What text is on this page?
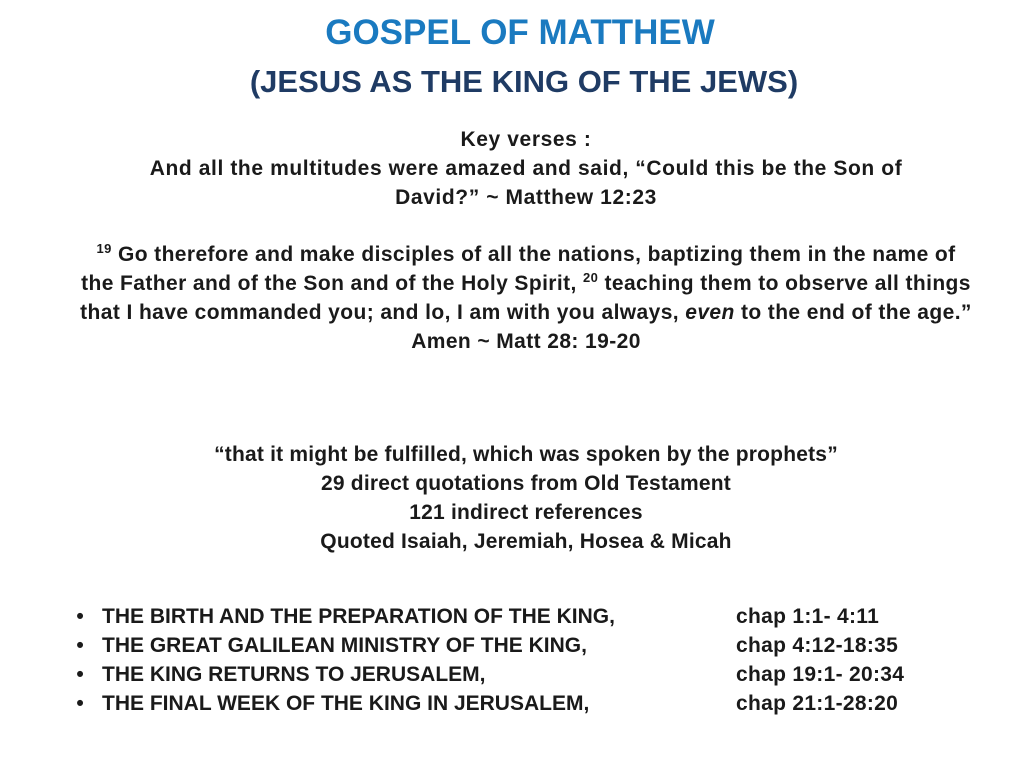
GOSPEL OF MATTHEW
(JESUS AS THE KING OF THE JEWS)
Key verses :
And all the multitudes were amazed and said, “Could this be the Son of
David?” ~ Matthew 12:23
$^{19}$ Go therefore and make disciples of all the nations, baptizing them in the name of the Father and of the Son and of the Holy Spirit, $^{20}$ teaching them to observe all things that I have commanded you; and lo, I am with you always, even to the end of the age.” Amen ~ Matt 28: 19-20
“that it might be fulfilled, which was spoken by the prophets”
29 direct quotations from Old Testament
121 indirect references
Quoted Isaiah, Jeremiah, Hosea & Micah
• THE BIRTH AND THE PREPARATION OF THE KING,	chap 1:1- 4:11
• THE GREAT GALILEAN MINISTRY OF THE KING,	chap 4:12-18:35
• THE KING RETURNS TO JERUSALEM,	chap 19:1- 20:34
• THE FINAL WEEK OF THE KING IN JERUSALEM,	chap 21:1-28:20
